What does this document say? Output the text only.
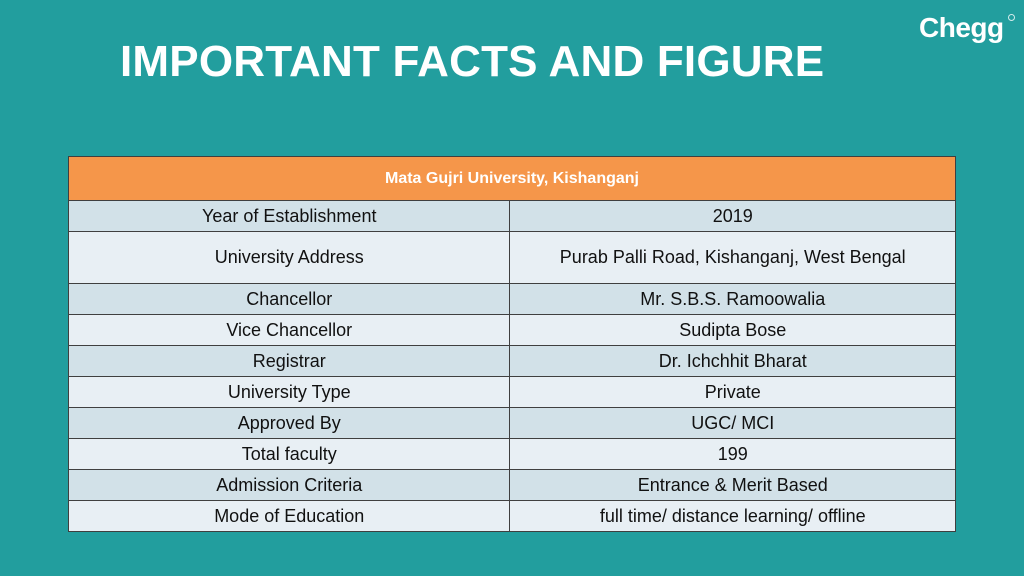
IMPORTANT FACTS AND FIGURE
Chegg
Mata Gujri University, Kishanganj	
Year of Establishment	2019
University Address	Purab Palli Road, Kishanganj, West Bengal
Chancellor	Mr. S.B.S. Ramoowalia
Vice Chancellor	Sudipta Bose
Registrar	Dr. Ichchhit Bharat
University Type	Private
Approved By	UGC/ MCI
Total faculty	199
Admission Criteria	Entrance & Merit Based
Mode of Education	full time/ distance learning/ offline
